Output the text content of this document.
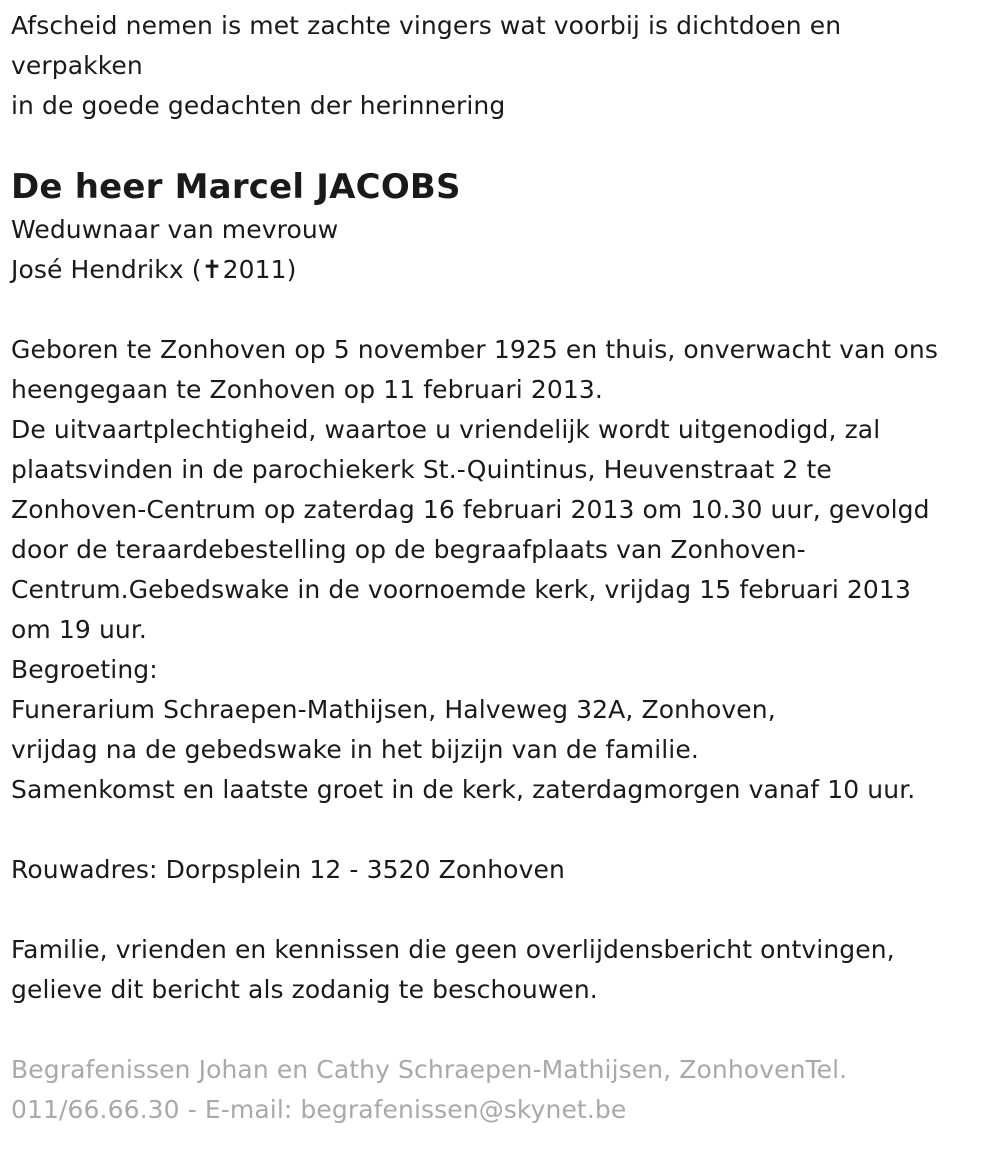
Afscheid nemen is met zachte vingers wat voorbij is dichtdoen en
verpakken
in de goede gedachten der herinnering
De heer Marcel JACOBS
Weduwnaar van mevrouw
José Hendrikx (✝2011)
Geboren te Zonhoven op 5 november 1925 en thuis, onverwacht van ons
heengegaan te Zonhoven op 11 februari 2013.
De uitvaartplechtigheid, waartoe u vriendelijk wordt uitgenodigd, zal
plaatsvinden in de parochiekerk St.-Quintinus, Heuvenstraat 2 te
Zonhoven-Centrum op zaterdag 16 februari 2013 om 10.30 uur, gevolgd
door de teraardebestelling op de begraafplaats van Zonhoven-
Centrum.Gebedswake in de voornoemde kerk, vrijdag 15 februari 2013
om 19 uur.
Begroeting:
Funerarium Schraepen-Mathijsen, Halveweg 32A, Zonhoven,
vrijdag na de gebedswake in het bijzijn van de familie.
Samenkomst en laatste groet in de kerk, zaterdagmorgen vanaf 10 uur.
Rouwadres: Dorpsplein 12 - 3520 Zonhoven
Familie, vrienden en kennissen die geen overlijdensbericht ontvingen,
gelieve dit bericht als zodanig te beschouwen.
Begrafenissen Johan en Cathy Schraepen-Mathijsen, ZonhovenTel.
011/66.66.30 - E-mail: begrafenissen@skynet.be
